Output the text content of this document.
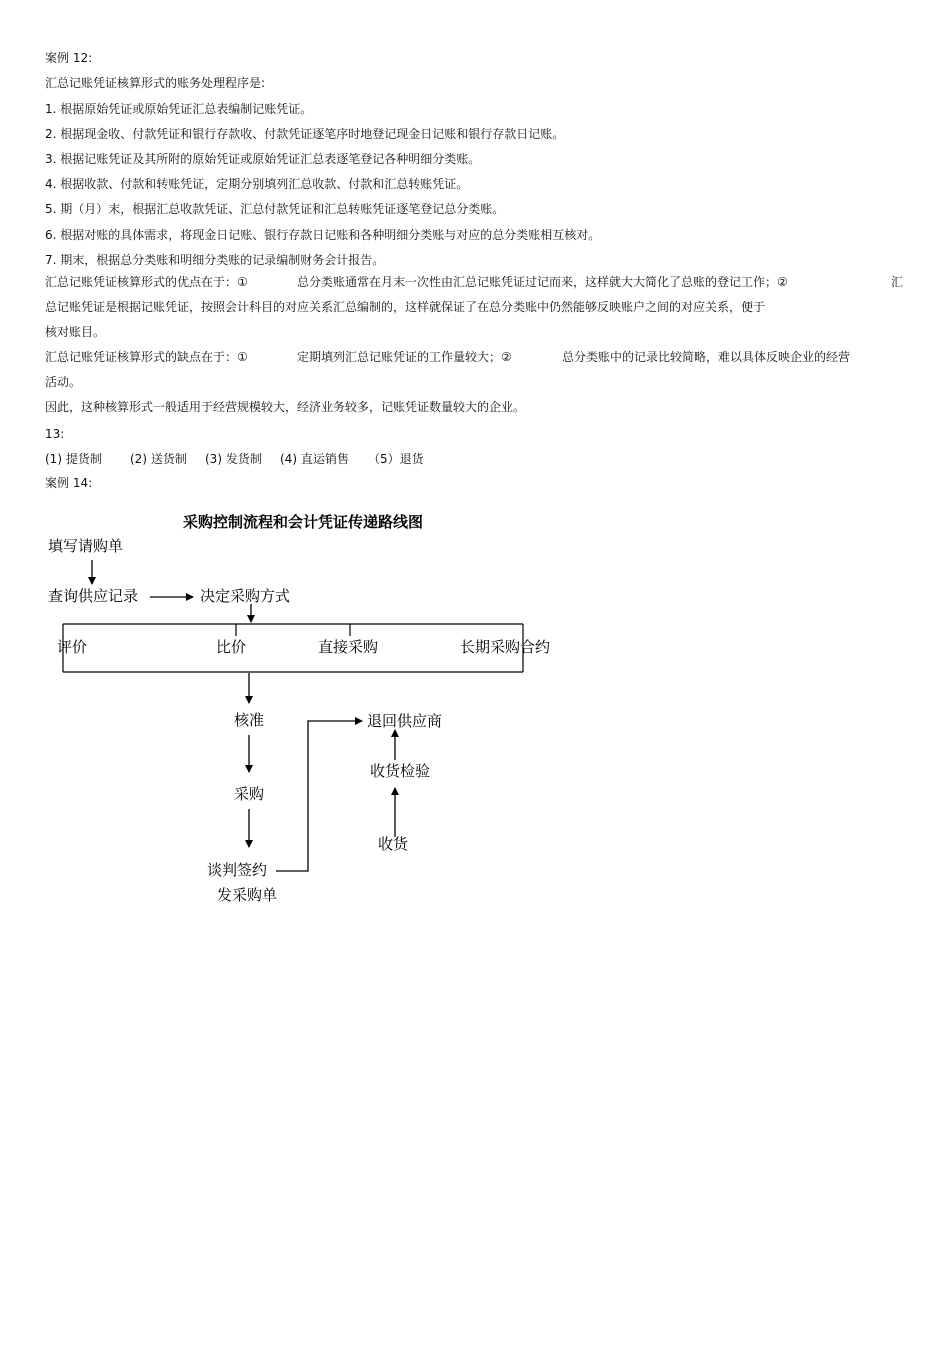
案例 12:
汇总记账凭证核算形式的账务处理程序是:
1. 根据原始凭证或原始凭证汇总表编制记账凭证。
2. 根据现金收、付款凭证和银行存款收、付款凭证逐笔序时地登记现金日记账和银行存款日记账。
3. 根据记账凭证及其所附的原始凭证或原始凭证汇总表逐笔登记各种明细分类账。
4. 根据收款、付款和转账凭证，定期分别填列汇总收款、付款和汇总转账凭证。
5. 期（月）末，根据汇总收款凭证、汇总付款凭证和汇总转账凭证逐笔登记总分类账。
6. 根据对账的具体需求，将现金日记账、银行存款日记账和各种明细分类账与对应的总分类账相互核对。
7. 期末，根据总分类账和明细分类账的记录编制财务会计报告。
汇总记账凭证核算形式的优点在于：①	总分类账通常在月末一次性由汇总记账凭证过记而来，这样就大大简化了总账的登记工作；②	汇
总记账凭证是根据记账凭证，按照会计科目的对应关系汇总编制的，这样就保证了在总分类账中仍然能够反映账户之间的对应关系，便于
核对账目。
汇总记账凭证核算形式的缺点在于：①	定期填列汇总记账凭证的工作量较大；②	总分类账中的记录比较简略，难以具体反映企业的经营
活动。
因此，这种核算形式一般适用于经营规模较大，经济业务较多，记账凭证数量较大的企业。
13:
(1) 提货制 (2) 送货制 (3) 发货制 (4) 直运销售 （5）退货
案例 14:
采购控制流程和会计凭证传递路线图
填写请购单
查询供应记录	决定采购方式
评价	比价	直接采购	长期采购合约
核准
采购
谈判签约
发采购单
退回供应商
收货检验
收货
